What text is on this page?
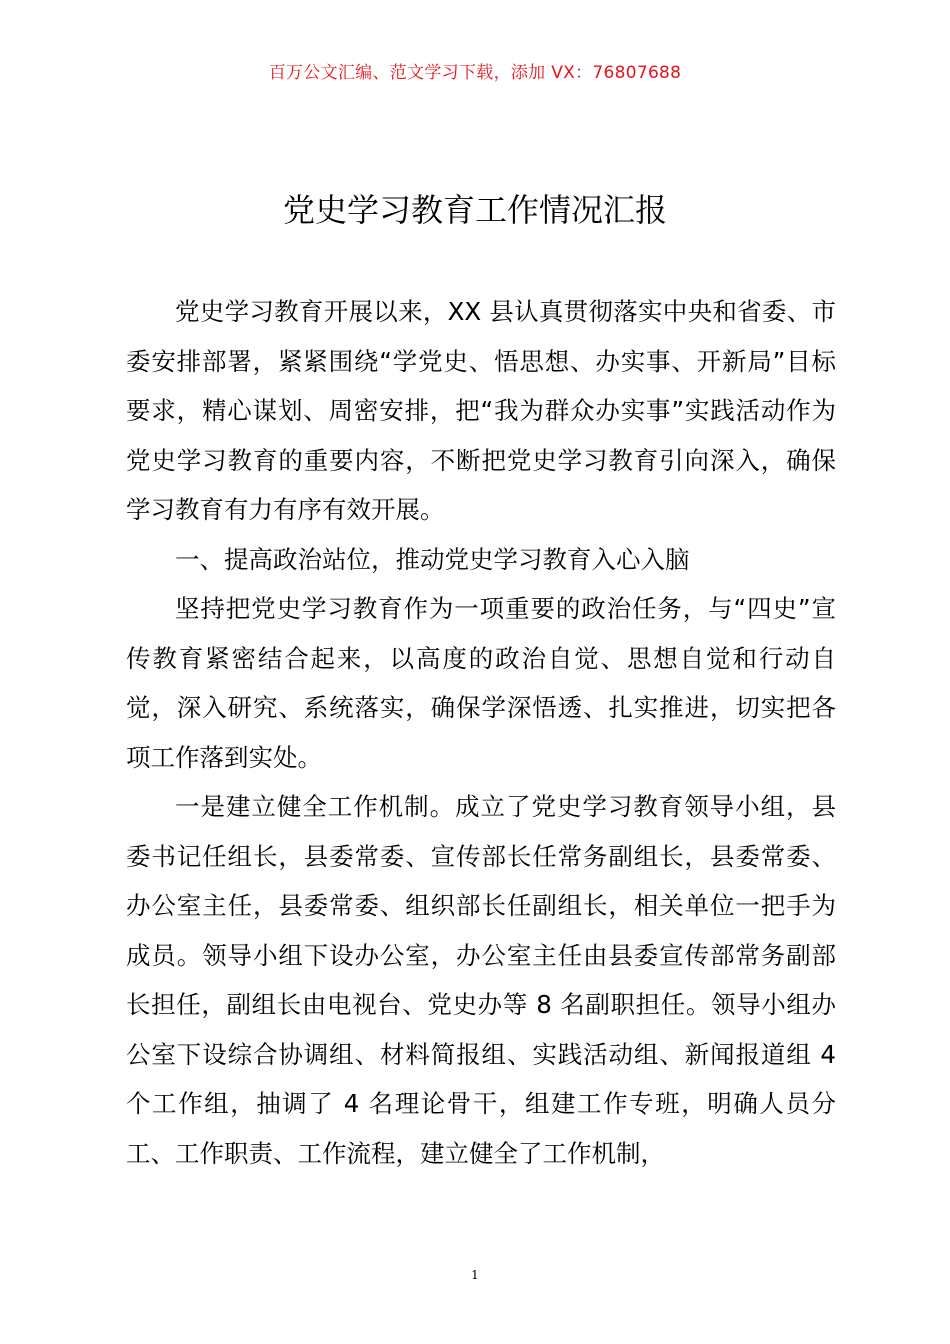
百万公文汇编、范文学习下载，添加 VX：76807688
党史学习教育工作情况汇报

党史学习教育开展以来，XX 县认真贯彻落实中央和省委、市委安排部署，紧紧围绕“学党史、悟思想、办实事、开新局”目标要求，精心谋划、周密安排，把“我为群众办实事”实践活动作为党史学习教育的重要内容，不断把党史学习教育引向深入，确保学习教育有力有序有效开展。

一、提高政治站位，推动党史学习教育入心入脑

坚持把党史学习教育作为一项重要的政治任务，与“四史”宣传教育紧密结合起来，以高度的政治自觉、思想自觉和行动自觉，深入研究、系统落实，确保学深悟透、扎实推进，切实把各项工作落到实处。

一是建立健全工作机制。成立了党史学习教育领导小组，县委书记任组长，县委常委、宣传部长任常务副组长，县委常委、办公室主任，县委常委、组织部长任副组长，相关单位一把手为成员。领导小组下设办公室，办公室主任由县委宣传部常务副部长担任，副组长由电视台、党史办等 8 名副职担任。领导小组办公室下设综合协调组、材料简报组、实践活动组、新闻报道组 4 个工作组，抽调了 4 名理论骨干，组建工作专班，明确人员分工、工作职责、工作流程，建立健全了工作机制，

1
